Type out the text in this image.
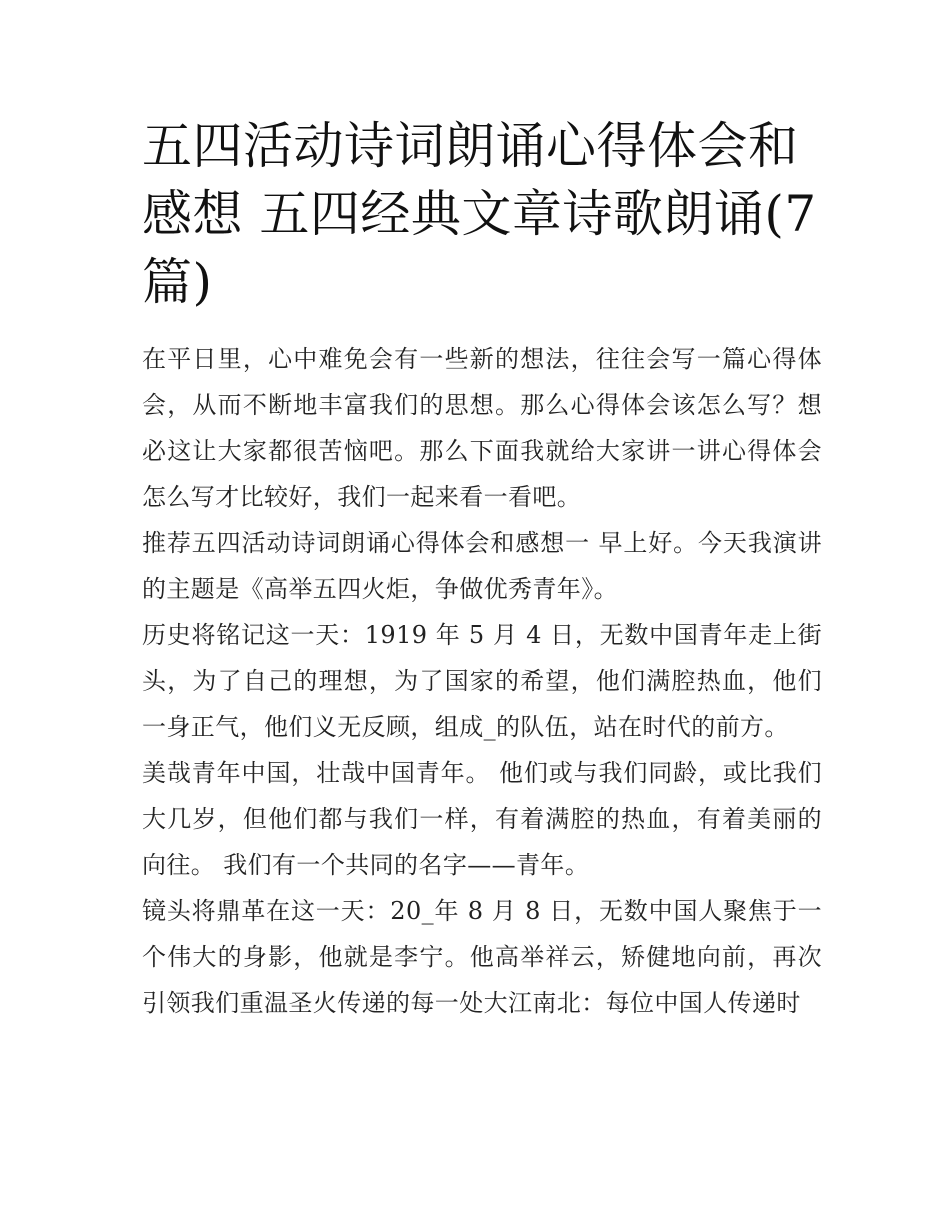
五四活动诗词朗诵心得体会和感想 五四经典文章诗歌朗诵(7篇)

在平日里，心中难免会有一些新的想法，往往会写一篇心得体会，从而不断地丰富我们的思想。那么心得体会该怎么写？想必这让大家都很苦恼吧。那么下面我就给大家讲一讲心得体会怎么写才比较好，我们一起来看一看吧。

推荐五四活动诗词朗诵心得体会和感想一 早上好。今天我演讲的主题是《高举五四火炬，争做优秀青年》。

历史将铭记这一天：1919 年 5 月 4 日，无数中国青年走上街头，为了自己的理想，为了国家的希望，他们满腔热血，他们一身正气，他们义无反顾，组成_的队伍，站在时代的前方。

美哉青年中国，壮哉中国青年。 他们或与我们同龄，或比我们大几岁，但他们都与我们一样，有着满腔的热血，有着美丽的向往。 我们有一个共同的名字——青年。

镜头将鼎革在这一天：20_年 8 月 8 日，无数中国人聚焦于一个伟大的身影，他就是李宁。他高举祥云，矫健地向前，再次引领我们重温圣火传递的每一处大江南北：每位中国人传递时
